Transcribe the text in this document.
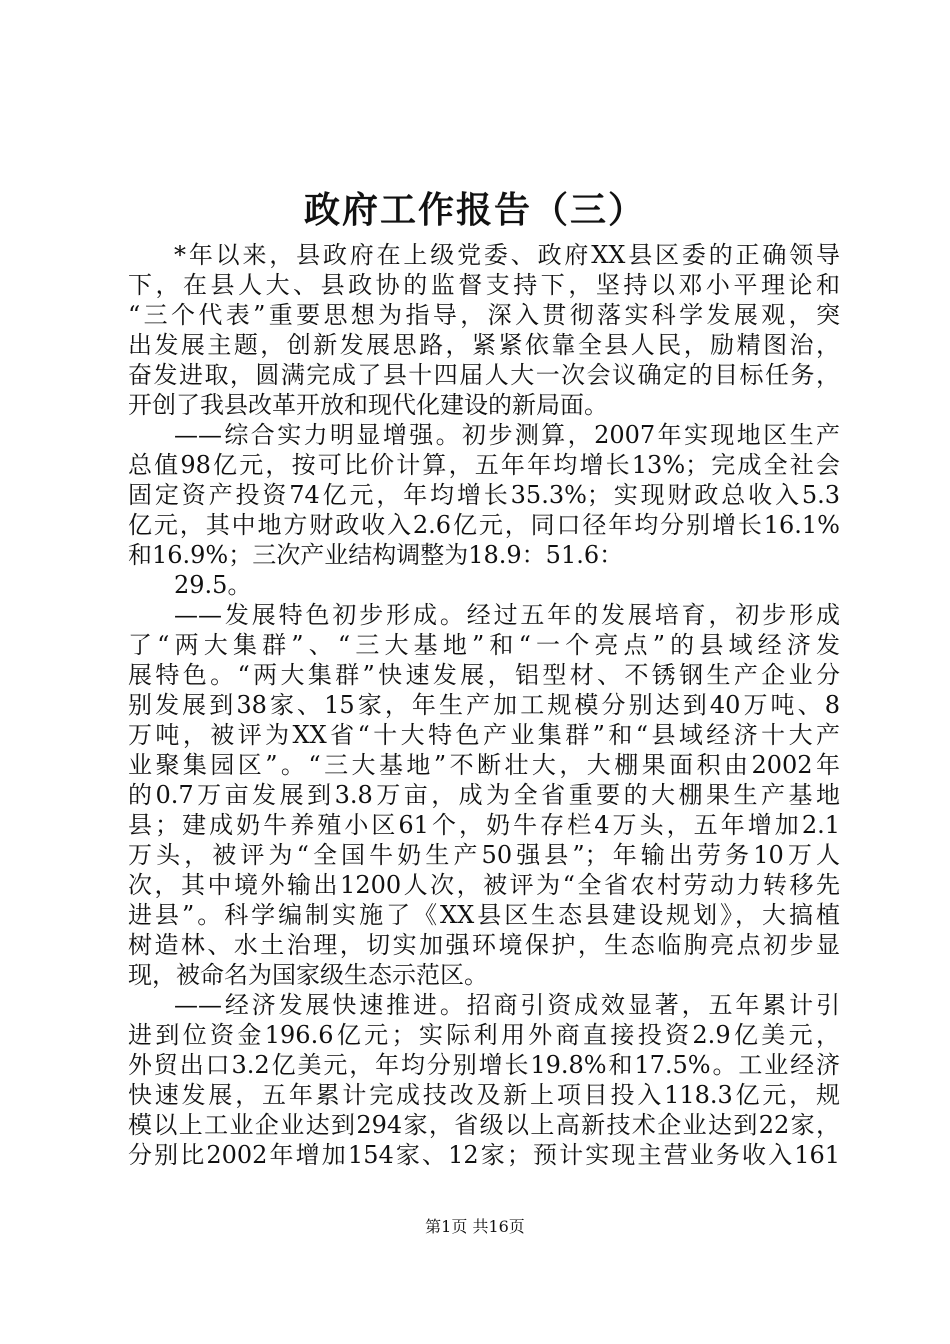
政府工作报告（三）
*年以来，县政府在上级党委、政府XX县区委的正确领导
下，在县人大、县政协的监督支持下，坚持以邓小平理论和
“三个代表”重要思想为指导，深入贯彻落实科学发展观，突
出发展主题，创新发展思路，紧紧依靠全县人民，励精图治，
奋发进取，圆满完成了县十四届人大一次会议确定的目标任务，
开创了我县改革开放和现代化建设的新局面。
——综合实力明显增强。初步测算，2007年实现地区生产
总值98亿元，按可比价计算，五年年均增长13%；完成全社会
固定资产投资74亿元，年均增长35.3%；实现财政总收入5.3
亿元，其中地方财政收入2.6亿元，同口径年均分别增长16.1%
和16.9%；三次产业结构调整为18.9：51.6：
29.5。
——发展特色初步形成。经过五年的发展培育，初步形成
了“两大集群”、“三大基地”和“一个亮点”的县域经济发
展特色。“两大集群”快速发展，铝型材、不锈钢生产企业分
别发展到38家、15家，年生产加工规模分别达到40万吨、8
万吨，被评为XX省“十大特色产业集群”和“县域经济十大产
业聚集园区”。“三大基地”不断壮大，大棚果面积由2002年
的0.7万亩发展到3.8万亩，成为全省重要的大棚果生产基地
县；建成奶牛养殖小区61个，奶牛存栏4万头，五年增加2.1
万头，被评为“全国牛奶生产50强县”；年输出劳务10万人
次，其中境外输出1200人次，被评为“全省农村劳动力转移先
进县”。科学编制实施了《XX县区生态县建设规划》，大搞植
树造林、水土治理，切实加强环境保护，生态临朐亮点初步显
现，被命名为国家级生态示范区。
——经济发展快速推进。招商引资成效显著，五年累计引
进到位资金196.6亿元；实际利用外商直接投资2.9亿美元，
外贸出口3.2亿美元，年均分别增长19.8%和17.5%。工业经济
快速发展，五年累计完成技改及新上项目投入118.3亿元，规
模以上工业企业达到294家，省级以上高新技术企业达到22家，
分别比2002年增加154家、12家；预计实现主营业务收入161
第1页 共16页
